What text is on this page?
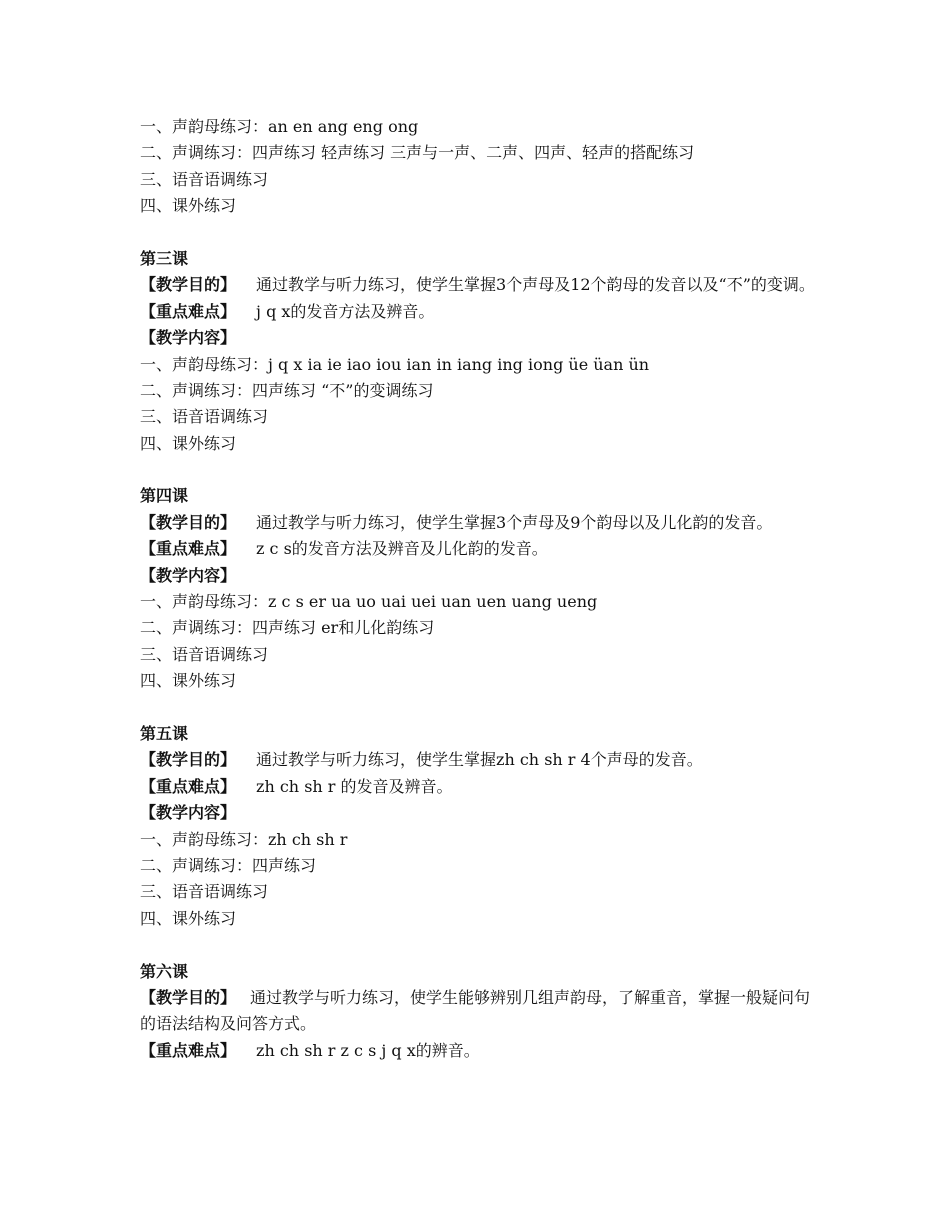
一、声韵母练习：an en ang eng ong
二、声调练习：四声练习 轻声练习 三声与一声、二声、四声、轻声的搭配练习
三、语音语调练习
四、课外练习
第三课
【教学目的】 通过教学与听力练习，使学生掌握3个声母及12个韵母的发音以及“不”的变调。
【重点难点】 j q x的发音方法及辨音。
【教学内容】
一、声韵母练习：j q x ia ie iao iou ian in iang ing iong üe üan ün
二、声调练习：四声练习 “不”的变调练习
三、语音语调练习
四、课外练习
第四课
【教学目的】 通过教学与听力练习，使学生掌握3个声母及9个韵母以及儿化韵的发音。
【重点难点】 z c s的发音方法及辨音及儿化韵的发音。
【教学内容】
一、声韵母练习：z c s er ua uo uai uei uan uen uang ueng
二、声调练习：四声练习 er和儿化韵练习
三、语音语调练习
四、课外练习
第五课
【教学目的】 通过教学与听力练习，使学生掌握zh ch sh r 4个声母的发音。
【重点难点】 zh ch sh r 的发音及辨音。
【教学内容】
一、声韵母练习：zh ch sh r
二、声调练习：四声练习
三、语音语调练习
四、课外练习
第六课
【教学目的】 通过教学与听力练习，使学生能够辨别几组声韵母，了解重音，掌握一般疑问句的语法结构及问答方式。
【重点难点】 zh ch sh r z c s j q x的辨音。
